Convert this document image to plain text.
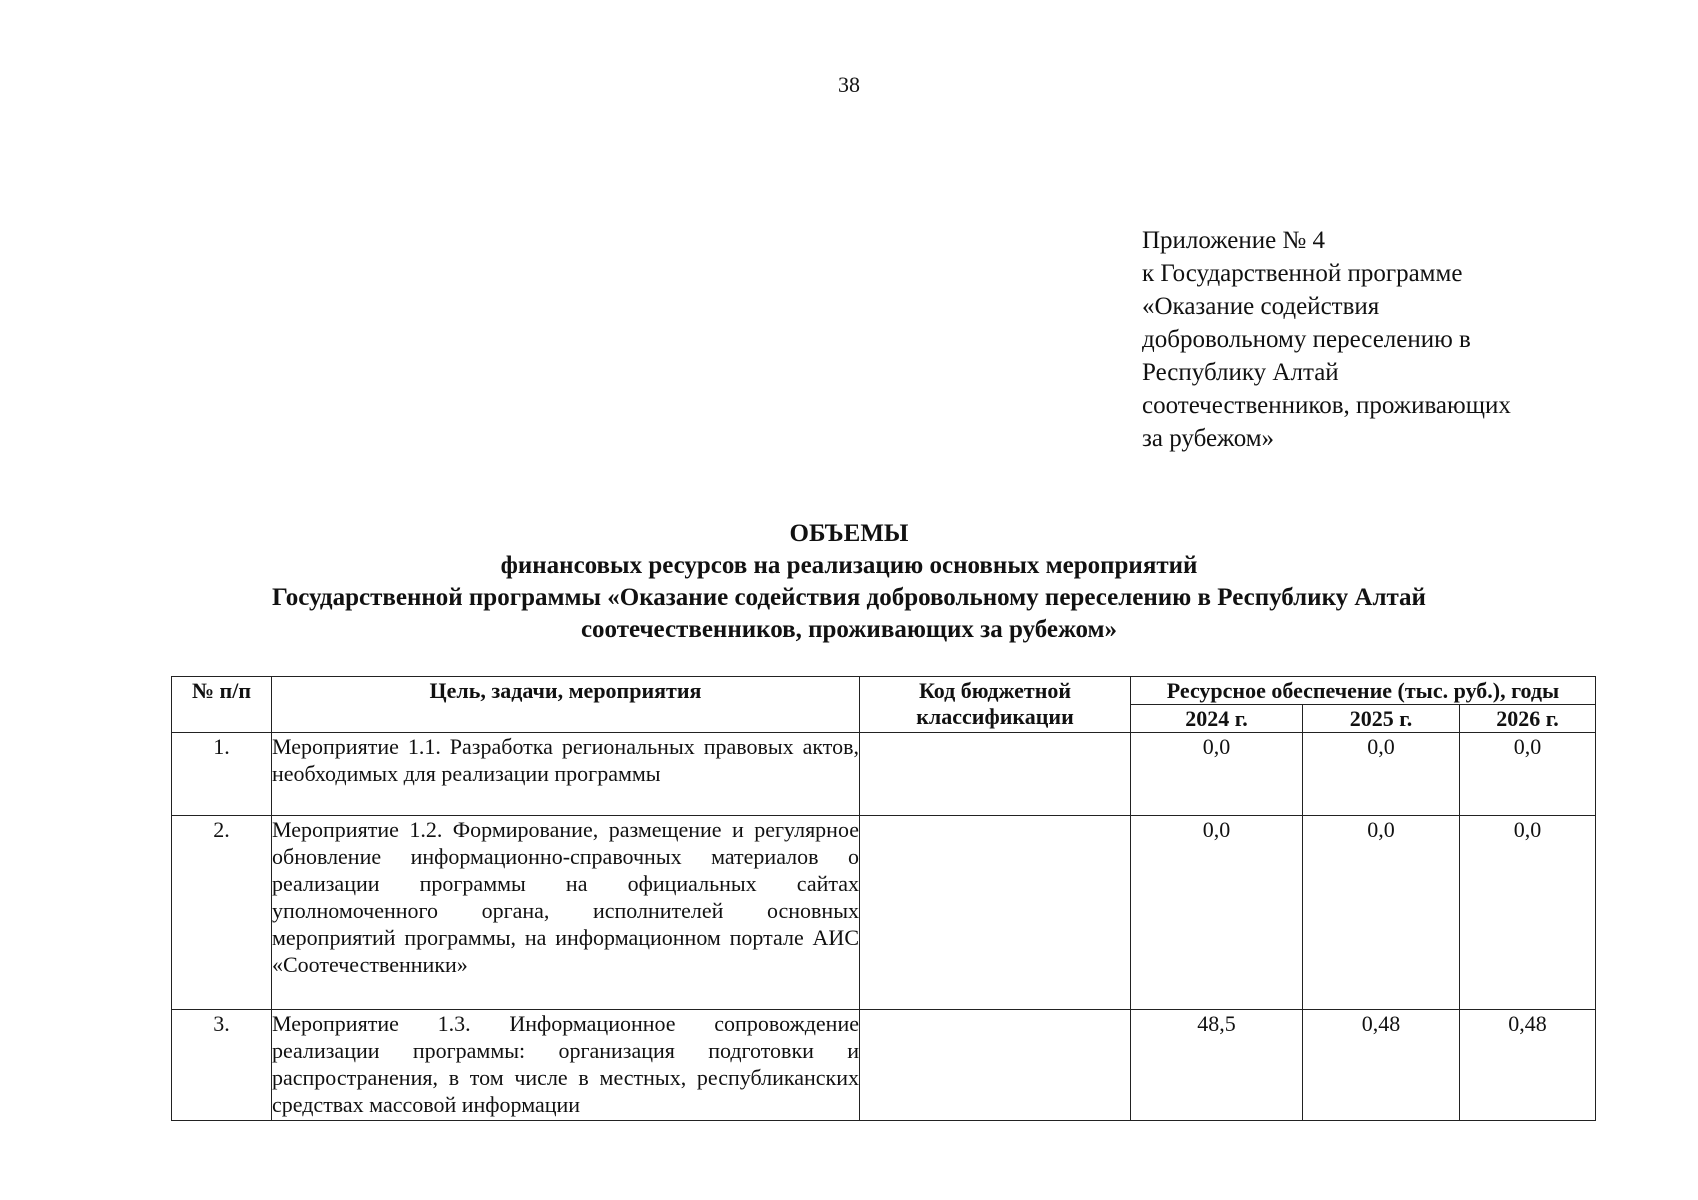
38
Приложение № 4
к Государственной программе
«Оказание содействия
добровольному переселению в
Республику Алтай
соотечественников, проживающих
за рубежом»
ОБЪЕМЫ
финансовых ресурсов на реализацию основных мероприятий
Государственной программы «Оказание содействия добровольному переселению в Республику Алтай
соотечественников, проживающих за рубежом»
№ п/п	Цель, задачи, мероприятия	Код бюджетной классификации	Ресурсное обеспечение (тыс. руб.), годы		
			2024 г.	2025 г.	2026 г.
1.	Мероприятие 1.1. Разработка региональных правовых актов, необходимых для реализации программы		0,0	0,0	0,0
2.	Мероприятие 1.2. Формирование, размещение и регулярное обновление информационно-справочных материалов о реализации программы на официальных сайтах уполномоченного органа, исполнителей основных мероприятий программы, на информационном портале АИС «Соотечественники»		0,0	0,0	0,0
3.	Мероприятие 1.3. Информационное сопровождение реализации программы: организация подготовки и распространения, в том числе в местных, республиканских средствах массовой информации		48,5	0,48	0,48
